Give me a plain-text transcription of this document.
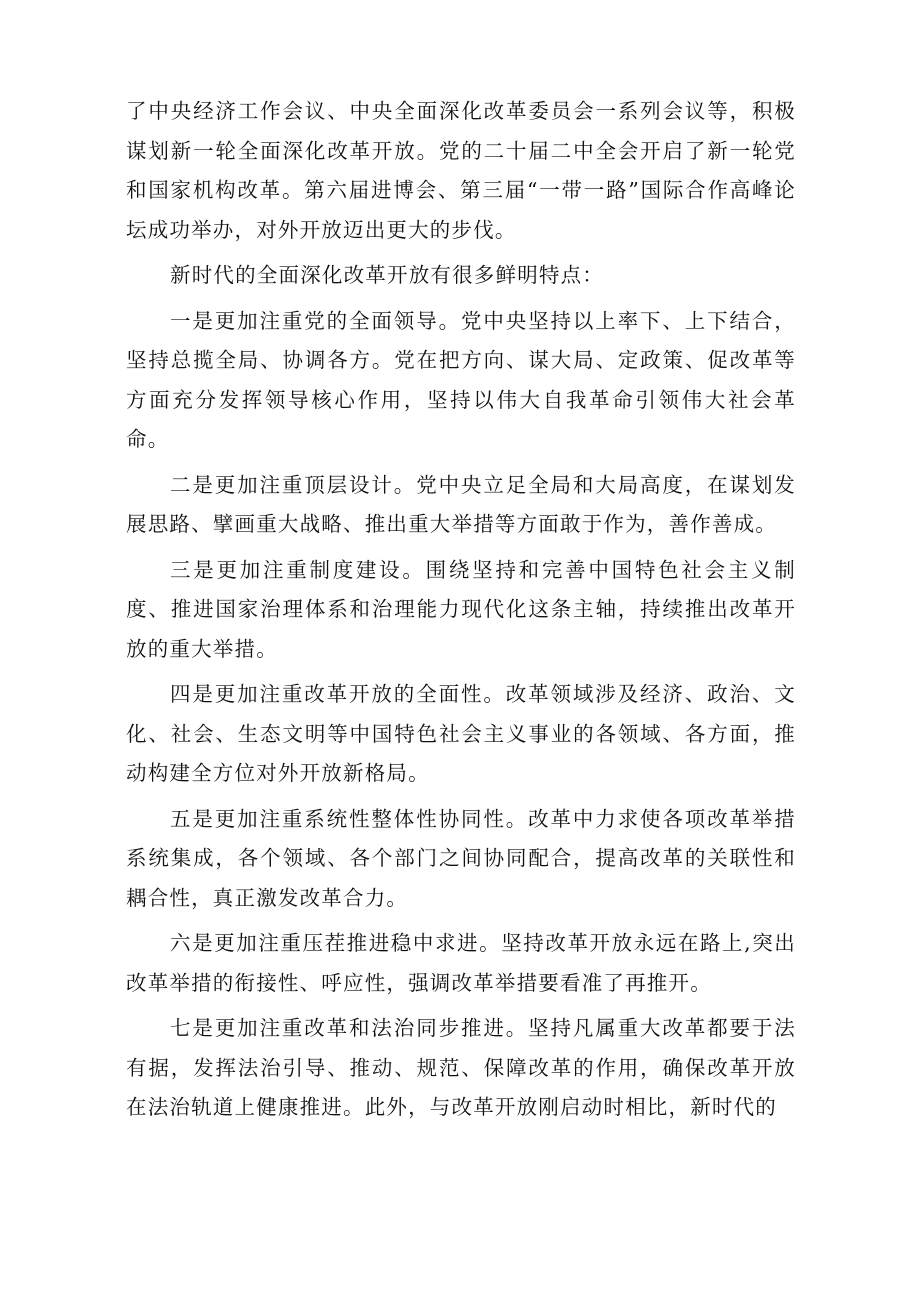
了中央经济工作会议、中央全面深化改革委员会一系列会议等，积极谋划新一轮全面深化改革开放。党的二十届二中全会开启了新一轮党和国家机构改革。第六届进博会、第三届“一带一路”国际合作高峰论坛成功举办，对外开放迈出更大的步伐。

新时代的全面深化改革开放有很多鲜明特点：

一是更加注重党的全面领导。党中央坚持以上率下、上下结合，坚持总揽全局、协调各方。党在把方向、谋大局、定政策、促改革等方面充分发挥领导核心作用，坚持以伟大自我革命引领伟大社会革命。

二是更加注重顶层设计。党中央立足全局和大局高度，在谋划发展思路、擘画重大战略、推出重大举措等方面敢于作为，善作善成。

三是更加注重制度建设。围绕坚持和完善中国特色社会主义制度、推进国家治理体系和治理能力现代化这条主轴，持续推出改革开放的重大举措。

四是更加注重改革开放的全面性。改革领域涉及经济、政治、文化、社会、生态文明等中国特色社会主义事业的各领域、各方面，推动构建全方位对外开放新格局。

五是更加注重系统性整体性协同性。改革中力求使各项改革举措系统集成，各个领域、各个部门之间协同配合，提高改革的关联性和耦合性，真正激发改革合力。

六是更加注重压茬推进稳中求进。坚持改革开放永远在路上,突出改革举措的衔接性、呼应性，强调改革举措要看准了再推开。

七是更加注重改革和法治同步推进。坚持凡属重大改革都要于法有据，发挥法治引导、推动、规范、保障改革的作用，确保改革开放在法治轨道上健康推进。此外，与改革开放刚启动时相比，新时代的
